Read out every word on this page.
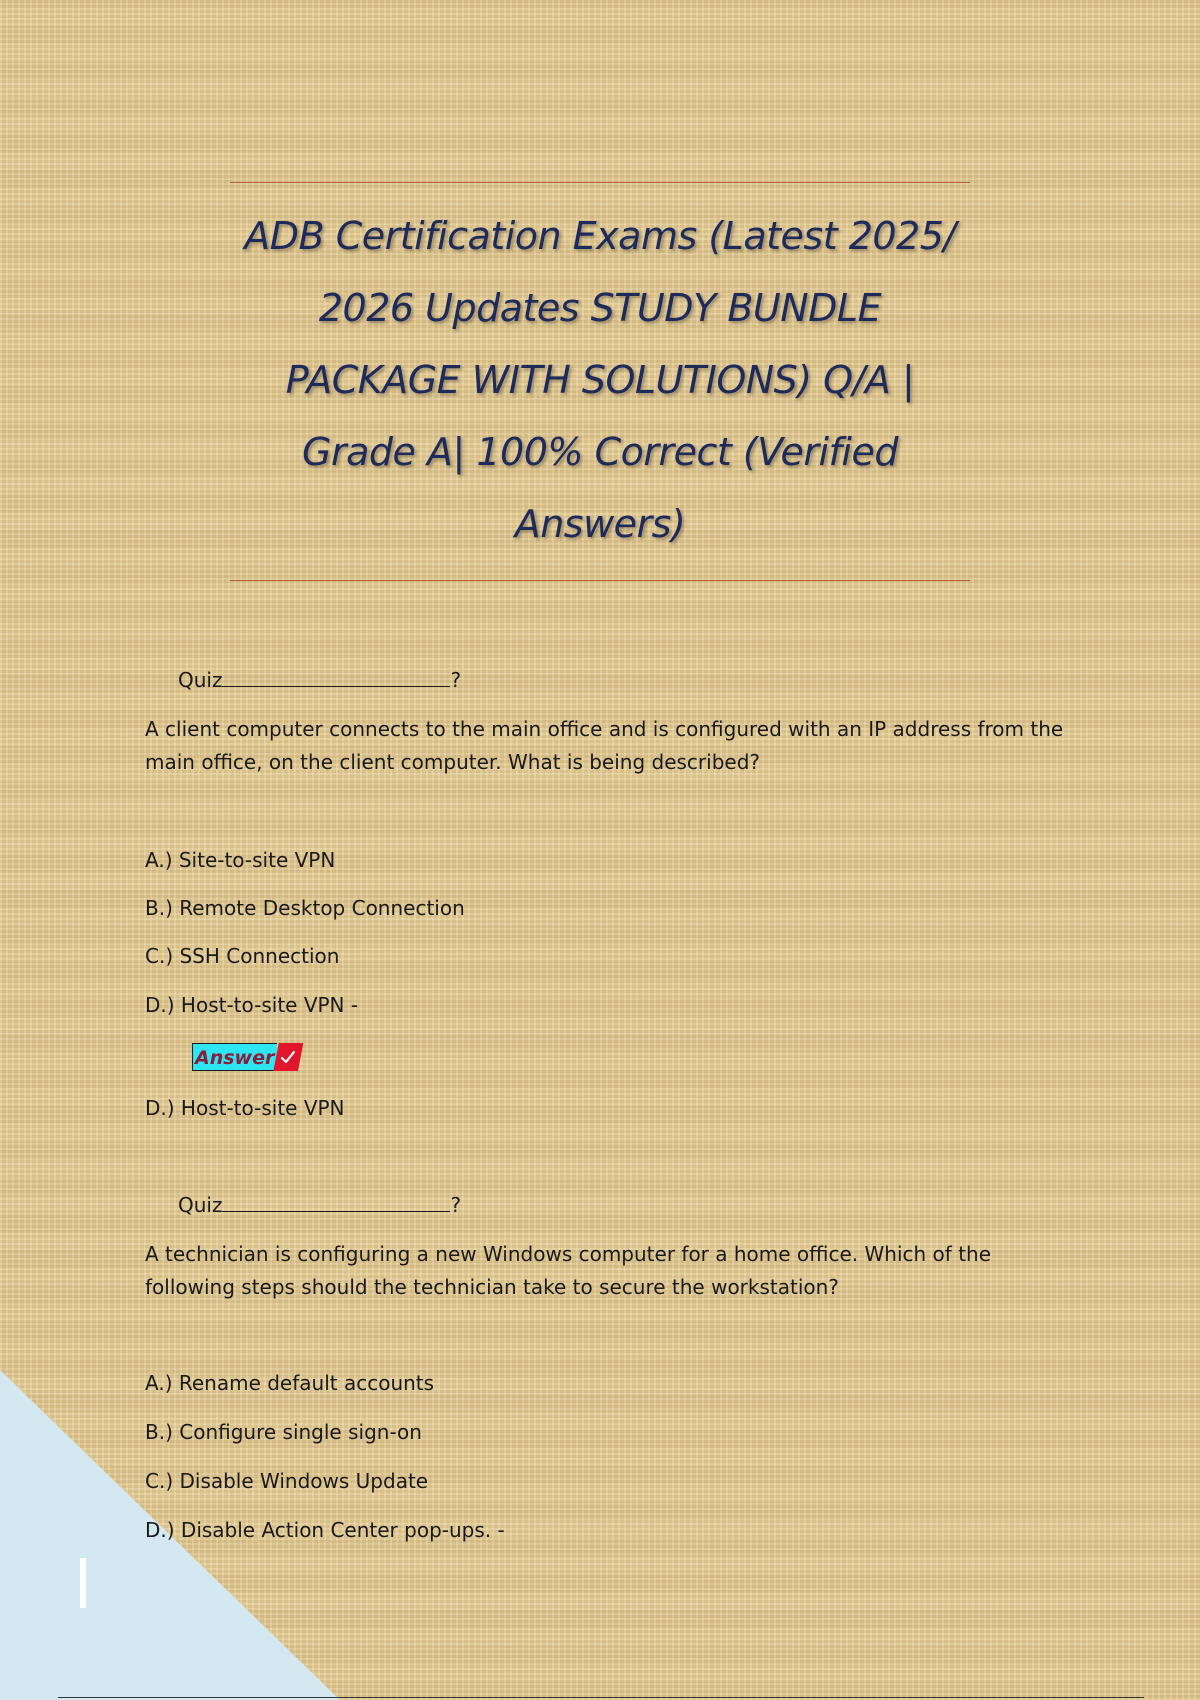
ADB Certification Exams (Latest 2025/
2026 Updates STUDY BUNDLE
PACKAGE WITH SOLUTIONS) Q/A |
Grade A| 100% Correct (Verified
Answers)
Quiz	?
A client computer connects to the main office and is configured with an IP address from the
main office, on the client computer. What is being described?
A.) Site-to-site VPN
B.) Remote Desktop Connection
C.) SSH Connection
D.) Host-to-site VPN -
Answer
D.) Host-to-site VPN
Quiz	?
A technician is configuring a new Windows computer for a home office. Which of the
following steps should the technician take to secure the workstation?
A.) Rename default accounts
B.) Configure single sign-on
C.) Disable Windows Update
D.) Disable Action Center pop-ups. -
